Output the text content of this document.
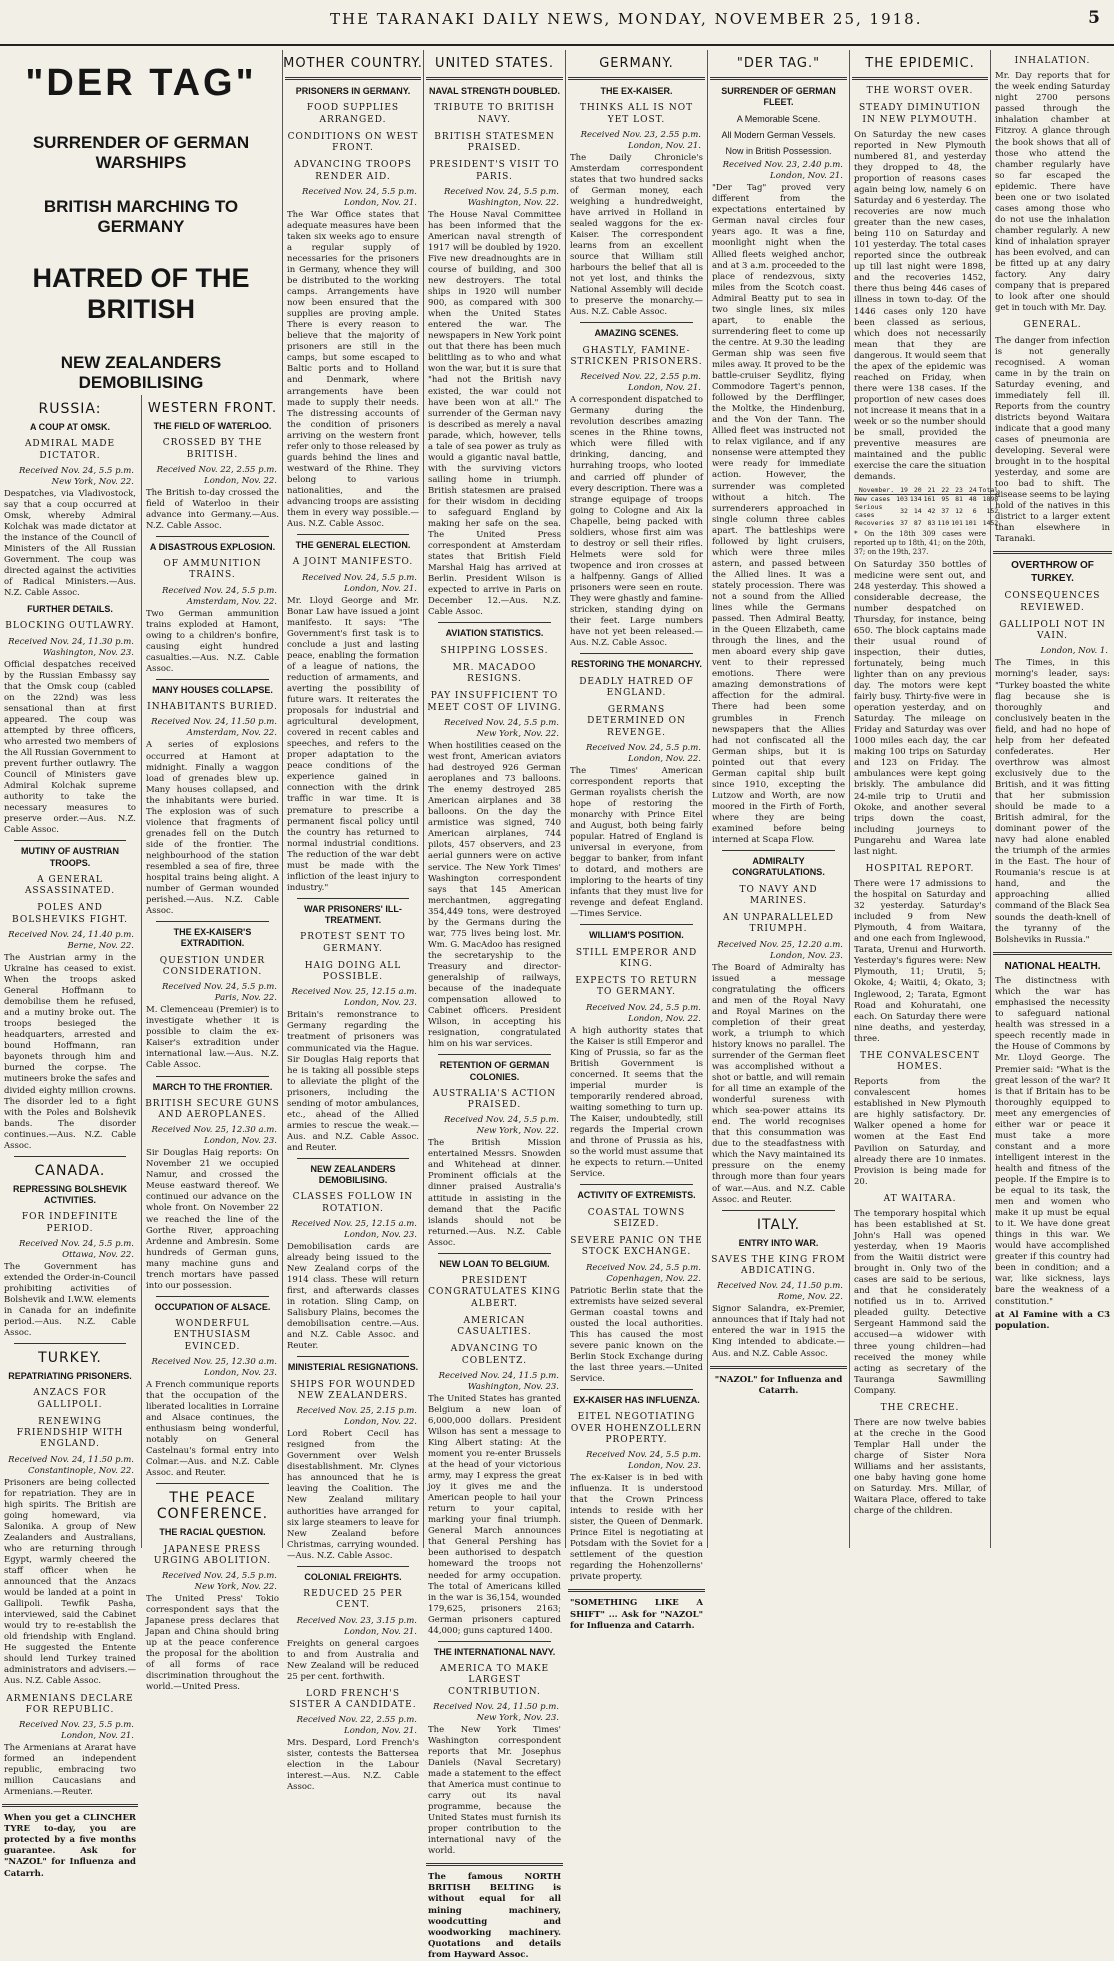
THE TARANAKI DAILY NEWS, MONDAY, NOVEMBER 25, 1918.	5

"DER TAG"

SURRENDER OF GERMAN WARSHIPS

BRITISH MARCHING TO GERMANY

HATRED OF THE BRITISH

NEW ZEALANDERS DEMOBILISING

RUSSIA:
A COUP AT OMSK.
ADMIRAL MADE DICTATOR.
Received Nov. 24, 5.5 p.m.
New York, Nov. 22.

Despatches, via Vladivostock, say that a coup occurred at Omsk, whereby Admiral Kolchak was made dictator at the instance of the Council of Ministers of the All Russian Government. The coup was directed against the activities of Radical Ministers.—Aus. N.Z. Cable Assoc.

FURTHER DETAILS.
BLOCKING OUTLAWRY.
Received Nov. 24, 11.30 p.m.
Washington, Nov. 23.

Official despatches received by the Russian Embassy say that the Omsk coup (cabled on the 22nd) was less sensational than at first appeared. The coup was attempted by three officers, who arrested two members of the All Russian Government to prevent further outlawry. The Council of Ministers gave Admiral Kolchak supreme authority to take the necessary measures to preserve order.—Aus. N.Z. Cable Assoc.

MUTINY OF AUSTRIAN TROOPS.
A GENERAL ASSASSINATED.
POLES AND BOLSHEVIKS FIGHT.
Received Nov. 24, 11.40 p.m.
Berne, Nov. 22.

The Austrian army in the Ukraine has ceased to exist. When the troops asked General Hoffmann to demobilise them he refused, and a mutiny broke out. The troops besieged the headquarters, arrested and bound Hoffmann, ran bayonets through him and burned the corpse. The mutineers broke the safes and divided eighty million crowns. The disorder led to a fight with the Poles and Bolshevik bands. The disorder continues.—Aus. N.Z. Cable Assoc.

CANADA.
REPRESSING BOLSHEVIK ACTIVITIES.
FOR INDEFINITE PERIOD.
Received Nov. 24, 5.5 p.m.
Ottawa, Nov. 22.

The Government has extended the Order-in-Council prohibiting activities of Bolshevik and I.W.W. elements in Canada for an indefinite period.—Aus. N.Z. Cable Assoc.

TURKEY.
REPATRIATING PRISONERS.
ANZACS FOR GALLIPOLI.
RENEWING FRIENDSHIP WITH ENGLAND.
Received Nov. 24, 11.50 p.m.
Constantinople, Nov. 22.

Prisoners are being collected for repatriation. They are in high spirits. The British are going homeward, via Salonika. A group of New Zealanders and Australians, who are returning through Egypt, warmly cheered the staff officer when he announced that the Anzacs would be landed at a point in Gallipoli. Tewfik Pasha, interviewed, said the Cabinet would try to re-establish the old friendship with England. He suggested the Entente should lend Turkey trained administrators and advisers.—Aus. N.Z. Cable Assoc.

ARMENIANS DECLARE FOR REPUBLIC.
Received Nov. 23, 5.5 p.m.
London, Nov. 21.

The Armenians at Ararat have formed an independent republic, embracing two million Caucasians and Armenians.—Reuter.

When you get a CLINCHER TYRE to-day, you are protected by a five months guarantee. Ask for "NAZOL" for Influenza and Catarrh.

WESTERN FRONT.
THE FIELD OF WATERLOO.
CROSSED BY THE BRITISH.
Received Nov. 22, 2.55 p.m.
London, Nov. 22.

The British to-day crossed the field of Waterloo in their advance into Germany.—Aus. N.Z. Cable Assoc.

A DISASTROUS EXPLOSION.
OF AMMUNITION TRAINS.
Received Nov. 24, 5.5 p.m.
Amsterdam, Nov. 22.

Two German ammunition trains exploded at Hamont, owing to a children's bonfire, causing eight hundred casualties.—Aus. N.Z. Cable Assoc.

MANY HOUSES COLLAPSE.
INHABITANTS BURIED.
Received Nov. 24, 11.50 p.m.
Amsterdam, Nov. 22.

A series of explosions occurred at Hamont at midnight. Finally a waggon load of grenades blew up. Many houses collapsed, and the inhabitants were buried. The explosion was of such violence that fragments of grenades fell on the Dutch side of the frontier. The neighbourhood of the station resembled a sea of fire, three hospital trains being alight. A number of German wounded perished.—Aus. N.Z. Cable Assoc.

THE EX-KAISER'S EXTRADITION.
QUESTION UNDER CONSIDERATION.
Received Nov. 24, 5.5 p.m.
Paris, Nov. 22.

M. Clemenceau (Premier) is to investigate whether it is possible to claim the ex-Kaiser's extradition under international law.—Aus. N.Z. Cable Assoc.

MARCH TO THE FRONTIER.
BRITISH SECURE GUNS AND AEROPLANES.
Received Nov. 25, 12.30 a.m.
London, Nov. 23.

Sir Douglas Haig reports: On November 21 we occupied Namur, and crossed the Meuse eastward thereof. We continued our advance on the whole front. On November 22 we reached the line of the Gorthe River, approaching Ardenne and Ambresin. Some hundreds of German guns, many machine guns and trench mortars have passed into our possession.

OCCUPATION OF ALSACE.
WONDERFUL ENTHUSIASM EVINCED.
Received Nov. 25, 12.30 a.m.
London, Nov. 23.

A French communique reports that the occupation of the liberated localities in Lorraine and Alsace continues, the enthusiasm being wonderful, notably on General Castelnau's formal entry into Colmar.—Aus. and N.Z. Cable Assoc. and Reuter.

THE PEACE CONFERENCE.
THE RACIAL QUESTION.
JAPANESE PRESS URGING ABOLITION.
Received Nov. 24, 5.5 p.m.
New York, Nov. 22.

The United Press' Tokio correspondent says that the Japanese press declares that Japan and China should bring up at the peace conference the proposal for the abolition of all forms of race discrimination throughout the world.—United Press.

MOTHER COUNTRY.
PRISONERS IN GERMANY.
FOOD SUPPLIES ARRANGED.
CONDITIONS ON WEST FRONT.
ADVANCING TROOPS RENDER AID.
Received Nov. 24, 5.5 p.m.
London, Nov. 21.

The War Office states that adequate measures have been taken six weeks ago to ensure a regular supply of necessaries for the prisoners in Germany, whence they will be distributed to the working camps. Arrangements have now been ensured that the supplies are proving ample. There is every reason to believe that the majority of prisoners are still in the camps, but some escaped to Baltic ports and to Holland and Denmark, where arrangements have been made to supply their needs. The distressing accounts of the condition of prisoners arriving on the western front refer only to those released by guards behind the lines and westward of the Rhine. They belong to various nationalities, and the advancing troops are assisting them in every way possible.—Aus. N.Z. Cable Assoc.

THE GENERAL ELECTION.
A JOINT MANIFESTO.
Received Nov. 24, 5.5 p.m.
London, Nov. 21.

Mr. Lloyd George and Mr. Bonar Law have issued a joint manifesto. It says: "The Government's first task is to conclude a just and lasting peace, enabling the formation of a league of nations, the reduction of armaments, and averting the possibility of future wars. It reiterates the proposals for industrial and agricultural development, covered in recent cables and speeches, and refers to the proper adaptation to the peace conditions of the experience gained in connection with the drink traffic in war time. It is premature to prescribe a permanent fiscal policy until the country has returned to normal industrial conditions. The reduction of the war debt must be made with the infliction of the least injury to industry."

WAR PRISONERS' ILL-TREATMENT.
PROTEST SENT TO GERMANY.
HAIG DOING ALL POSSIBLE.
Received Nov. 25, 12.15 a.m.
London, Nov. 23.

Britain's remonstrance to Germany regarding the treatment of prisoners was communicated via the Hague. Sir Douglas Haig reports that he is taking all possible steps to alleviate the plight of the prisoners, including the sending of motor ambulances, etc., ahead of the Allied armies to rescue the weak.—Aus. and N.Z. Cable Assoc. and Reuter.

NEW ZEALANDERS DEMOBILISING.
CLASSES FOLLOW IN ROTATION.
Received Nov. 25, 12.15 a.m.
London, Nov. 23.

Demobilisation cards are already being issued to the New Zealand corps of the 1914 class. These will return first, and afterwards classes in rotation. Sling Camp, on Salisbury Plains, becomes the demobilisation centre.—Aus. and N.Z. Cable Assoc. and Reuter.

MINISTERIAL RESIGNATIONS.
SHIPS FOR WOUNDED NEW ZEALANDERS.
Received Nov. 25, 2.15 p.m.
London, Nov. 22.

Lord Robert Cecil has resigned from the Government over Welsh disestablishment. Mr. Clynes has announced that he is leaving the Coalition. The New Zealand military authorities have arranged for six large steamers to leave for New Zealand before Christmas, carrying wounded.—Aus. N.Z. Cable Assoc.

COLONIAL FREIGHTS.
REDUCED 25 PER CENT.
Received Nov. 23, 3.15 p.m.
London, Nov. 21.

Freights on general cargoes to and from Australia and New Zealand will be reduced 25 per cent. forthwith.

LORD FRENCH'S SISTER A CANDIDATE.
Received Nov. 22, 2.55 p.m.
London, Nov. 21.

Mrs. Despard, Lord French's sister, contests the Battersea election in the Labour interest.—Aus. N.Z. Cable Assoc.

UNITED STATES.
NAVAL STRENGTH DOUBLED.
TRIBUTE TO BRITISH NAVY.
BRITISH STATESMEN PRAISED.
PRESIDENT'S VISIT TO PARIS.
Received Nov. 24, 5.5 p.m.
Washington, Nov. 22.

The House Naval Committee has been informed that the American naval strength of 1917 will be doubled by 1920. Five new dreadnoughts are in course of building, and 300 new destroyers. The total ships in 1920 will number 900, as compared with 300 when the United States entered the war. The newspapers in New York point out that there has been much belittling as to who and what won the war, but it is sure that "had not the British navy existed, the war could not have been won at all." The surrender of the German navy is described as merely a naval parade, which, however, tells a tale of sea power as truly as would a gigantic naval battle, with the surviving victors sailing home in triumph. British statesmen are praised for their wisdom in deciding to safeguard England by making her safe on the sea. The United Press correspondent at Amsterdam states that British Field Marshal Haig has arrived at Berlin. President Wilson is expected to arrive in Paris on December 12.—Aus. N.Z. Cable Assoc.

AVIATION STATISTICS.
SHIPPING LOSSES.
MR. MACADOO RESIGNS.
PAY INSUFFICIENT TO MEET COST OF LIVING.
Received Nov. 24, 5.5 p.m.
New York, Nov. 22.

When hostilities ceased on the west front, American aviators had destroyed 926 German aeroplanes and 73 balloons. The enemy destroyed 285 American airplanes and 38 balloons. On the day the armistice was signed, 740 American airplanes, 744 pilots, 457 observers, and 23 aerial gunners were on active service. The New York Times' Washington correspondent says that 145 American merchantmen, aggregating 354,449 tons, were destroyed by the Germans during the war, 775 lives being lost. Mr. Wm. G. MacAdoo has resigned the secretaryship to the Treasury and director-generalship of railways, because of the inadequate compensation allowed to Cabinet officers. President Wilson, in accepting his resignation, congratulated him on his war services.

RETENTION OF GERMAN COLONIES.
AUSTRALIA'S ACTION PRAISED.
Received Nov. 24, 5.5 p.m.
New York, Nov. 22.

The British Mission entertained Messrs. Snowden and Whitehead at dinner. Prominent officials at the dinner praised Australia's attitude in assisting in the demand that the Pacific islands should not be returned.—Aus. N.Z. Cable Assoc.

NEW LOAN TO BELGIUM.
PRESIDENT CONGRATULATES KING ALBERT.
AMERICAN CASUALTIES.
ADVANCING TO COBLENTZ.
Received Nov. 24, 11.5 p.m.
Washington, Nov. 23.

The United States has granted Belgium a new loan of 6,000,000 dollars. President Wilson has sent a message to King Albert stating: At the moment you re-enter Brussels at the head of your victorious army, may I express the great joy it gives me and the American people to hail your return to your capital, marking your final triumph. General March announces that General Pershing has been authorised to despatch homeward the troops not needed for army occupation. The total of Americans killed in the war is 36,154, wounded 179,625, prisoners 2163; German prisoners captured 44,000; guns captured 1400.

THE INTERNATIONAL NAVY.
AMERICA TO MAKE LARGEST CONTRIBUTION.
Received Nov. 24, 11.50 p.m.
New York, Nov. 23.

The New York Times' Washington correspondent reports that Mr. Josephus Daniels (Naval Secretary) made a statement to the effect that America must continue to carry out its naval programme, because the United States must furnish its proper contribution to the international navy of the world.

The famous NORTH BRITISH BELTING is without equal for all mining machinery, woodcutting and woodworking machinery. Quotations and details from Hayward Assoc.

GERMANY.
THE EX-KAISER.
THINKS ALL IS NOT YET LOST.
Received Nov. 23, 2.55 p.m.
London, Nov. 21.

The Daily Chronicle's Amsterdam correspondent states that two hundred sacks of German money, each weighing a hundredweight, have arrived in Holland in sealed waggons for the ex-Kaiser. The correspondent learns from an excellent source that William still harbours the belief that all is not yet lost, and thinks the National Assembly will decide to preserve the monarchy.—Aus. N.Z. Cable Assoc.

AMAZING SCENES.
GHASTLY, FAMINE-STRICKEN PRISONERS.
Received Nov. 22, 2.55 p.m.
London, Nov. 21.

A correspondent dispatched to Germany during the revolution describes amazing scenes in the Rhine towns, which were filled with drinking, dancing, and hurrahing troops, who looted and carried off plunder of every description. There was a strange equipage of troops going to Cologne and Aix la Chapelle, being packed with soldiers, whose first aim was to destroy or sell their rifles. Helmets were sold for twopence and iron crosses at a halfpenny. Gangs of Allied prisoners were seen en route. They were ghastly and famine-stricken, standing dying on their feet. Large numbers have not yet been released.—Aus. N.Z. Cable Assoc.

RESTORING THE MONARCHY.
DEADLY HATRED OF ENGLAND.
GERMANS DETERMINED ON REVENGE.
Received Nov. 24, 5.5 p.m.
London, Nov. 22.

The Times' American correspondent reports that German royalists cherish the hope of restoring the monarchy with Prince Eitel and August, both being fairly popular. Hatred of England is universal in everyone, from beggar to banker, from infant to dotard, and mothers are imploring to the hearts of tiny infants that they must live for revenge and defeat England.—Times Service.

WILLIAM'S POSITION.
STILL EMPEROR AND KING.
EXPECTS TO RETURN TO GERMANY.
Received Nov. 24, 5.5 p.m.
London, Nov. 22.

A high authority states that the Kaiser is still Emperor and King of Prussia, so far as the British Government is concerned. It seems that the imperial murder is temporarily rendered abroad, waiting something to turn up. The Kaiser, undoubtedly, still regards the Imperial crown and throne of Prussia as his, so the world must assume that he expects to return.—United Service.

ACTIVITY OF EXTREMISTS.
COASTAL TOWNS SEIZED.
SEVERE PANIC ON THE STOCK EXCHANGE.
Received Nov. 24, 5.5 p.m.
Copenhagen, Nov. 22.

Patriotic Berlin state that the extremists have seized several German coastal towns and ousted the local authorities. This has caused the most severe panic known on the Berlin Stock Exchange during the last three years.—United Service.

EX-KAISER HAS INFLUENZA.
EITEL NEGOTIATING OVER HOHENZOLLERN PROPERTY.
Received Nov. 24, 5.5 p.m.
London, Nov. 23.

The ex-Kaiser is in bed with influenza. It is understood that the Crown Princess intends to reside with her sister, the Queen of Denmark. Prince Eitel is negotiating at Potsdam with the Soviet for a settlement of the question regarding the Hohenzollerns' private property.

"SOMETHING LIKE A SHIFT" ... Ask for "NAZOL" for Influenza and Catarrh.

"DER TAG."
SURRENDER OF GERMAN FLEET.
A Memorable Scene.
All Modern German Vessels.
Now in British Possession.
Received Nov. 23, 2.40 p.m.
London, Nov. 21.

"Der Tag" proved very different from the expectations entertained by German naval circles four years ago. It was a fine, moonlight night when the Allied fleets weighed anchor, and at 3 a.m. proceeded to the place of rendezvous, sixty miles from the Scotch coast. Admiral Beatty put to sea in two single lines, six miles apart, to enable the surrendering fleet to come up the centre. At 9.30 the leading German ship was seen five miles away. It proved to be the battle-cruiser Seydlitz, flying Commodore Tagert's pennon, followed by the Derfflinger, the Moltke, the Hindenburg, and the Von der Tann. The Allied fleet was instructed not to relax vigilance, and if any nonsense were attempted they were ready for immediate action. However, the surrender was completed without a hitch. The surrenderers approached in single column three cables apart. The battleships were followed by light cruisers, which were three miles astern, and passed between the Allied lines. It was a stately procession. There was not a sound from the Allied lines while the Germans passed. Then Admiral Beatty, in the Queen Elizabeth, came through the lines, and the men aboard every ship gave vent to their repressed emotions. There were amazing demonstrations of affection for the admiral. There had been some grumbles in French newspapers that the Allies had not confiscated all the German ships, but it is pointed out that every German capital ship built since 1910, excepting the Lutzow and Worth, are now moored in the Firth of Forth, where they are being examined before being interned at Scapa Flow.

ADMIRALTY CONGRATULATIONS.
TO NAVY AND MARINES.
AN UNPARALLELED TRIUMPH.
Received Nov. 25, 12.20 a.m.
London, Nov. 23.

The Board of Admiralty has issued a message congratulating the officers and men of the Royal Navy and Royal Marines on the completion of their great work, a triumph to which history knows no parallel. The surrender of the German fleet was accomplished without a shot or battle, and will remain for all time an example of the wonderful sureness with which sea-power attains its end. The world recognises that this consummation was due to the steadfastness with which the Navy maintained its pressure on the enemy through more than four years of war.—Aus. and N.Z. Cable Assoc. and Reuter.

ITALY.
ENTRY INTO WAR.
SAVES THE KING FROM ABDICATING.
Received Nov. 24, 11.50 p.m.
Rome, Nov. 22.

Signor Salandra, ex-Premier, announces that if Italy had not entered the war in 1915 the King intended to abdicate.—Aus. and N.Z. Cable Assoc.

"NAZOL" for Influenza and Catarrh.

THE EPIDEMIC.
THE WORST OVER.
STEADY DIMINUTION IN NEW PLYMOUTH.

On Saturday the new cases reported in New Plymouth numbered 81, and yesterday they dropped to 48, the proportion of reasons cases again being low, namely 6 on Saturday and 6 yesterday. The recoveries are now much greater than the new cases, being 110 on Saturday and 101 yesterday. The total cases reported since the outbreak up till last night were 1898, and the recoveries 1452, there thus being 446 cases of illness in town to-day. Of the 1446 cases only 120 have been classed as serious, which does not necessarily mean that they are dangerous. It would seem that the apex of the epidemic was reached on Friday, when there were 138 cases. If the proportion of new cases does not increase it means that in a week or so the number should be small, provided the preventive measures are maintained and the public exercise the care the situation demands.

November.	19	20	21	22	23	24	Total
New cases	103	134	161	95	81	48	1898
Serious cases	32	14	42	37	12	6	152
Recoveries	37	87	83	110	101	101	1452

* On the 18th 309 cases were reported up to 18th, 41; on the 20th, 37; on the 19th, 237.

On Saturday 350 bottles of medicine were sent out, and 248 yesterday. This showed a considerable decrease, the number despatched on Thursday, for instance, being 650. The block captains made their usual round of inspection, their duties, fortunately, being much lighter than on any previous day. The motors were kept fairly busy. Thirty-five were in operation yesterday, and on Saturday. The mileage on Friday and Saturday was over 1000 miles each day, the car making 100 trips on Saturday and 123 on Friday. The ambulances were kept going briskly. The ambulance did 24-mile trip to Urutii and Okoke, and another several trips down the coast, including journeys to Pungarehu and Warea late last night.

HOSPITAL REPORT.

There were 17 admissions to the hospital on Saturday and 32 yesterday. Saturday's included 9 from New Plymouth, 4 from Waitara, and one each from Inglewood, Tarata, Urenui and Hurworth. Yesterday's figures were: New Plymouth, 11; Urutii, 5; Okoke, 4; Waitii, 4; Okato, 3; Inglewood, 2; Tarata, Egmont Road and Kohuratahi, one each. On Saturday there were nine deaths, and yesterday, three.

THE CONVALESCENT HOMES.

Reports from the convalescent homes established in New Plymouth are highly satisfactory. Dr. Walker opened a home for women at the East End Pavilion on Saturday, and already there are 10 inmates. Provision is being made for 20.

AT WAITARA.

The temporary hospital which has been established at St. John's Hall was opened yesterday, when 19 Maoris from the Waitii district were brought in. Only two of the cases are said to be serious, and that he considerately notified us in to. Arrived pleaded guilty. Detective Sergeant Hammond said the accused—a widower with three young children—had received the money while acting as secretary of the Tauranga Sawmilling Company.

THE CRECHE.

There are now twelve babies at the creche in the Good Templar Hall under the charge of Sister Nora Williams and her assistants, one baby having gone home on Saturday. Mrs. Millar, of Waitara Place, offered to take charge of the children.

INHALATION.

Mr. Day reports that for the week ending Saturday night 2700 persons passed through the inhalation chamber at Fitzroy. A glance through the book shows that all of those who attend the chamber regularly have so far escaped the epidemic. There have been one or two isolated cases among those who do not use the inhalation chamber regularly. A new kind of inhalation sprayer has been evolved, and can be fitted up at any dairy factory. Any dairy company that is prepared to look after one should get in touch with Mr. Day.

GENERAL.

The danger from infection is not generally recognised. A woman came in by the train on Saturday evening, and immediately fell ill. Reports from the country districts beyond Waitara indicate that a good many cases of pneumonia are developing. Several were brought in to the hospital yesterday, and some are too bad to shift. The disease seems to be laying hold of the natives in this district to a larger extent than elsewhere in Taranaki.

OVERTHROW OF TURKEY.
CONSEQUENCES REVIEWED.
GALLIPOLI NOT IN VAIN.
London, Nov. 1.

The Times, in this morning's leader, says: "Turkey boasted the white flag because she is thoroughly and conclusively beaten in the field, and had no hope of help from her defeated confederates. Her overthrow was almost exclusively due to the British, and it was fitting that her submission should be made to a British admiral, for the dominant power of the navy had alone enabled the triumph of the armies in the East. The hour of Roumania's rescue is at hand, and the approaching allied command of the Black Sea sounds the death-knell of the tyranny of the Bolsheviks in Russia."

NATIONAL HEALTH.

The distinctness with which the war has emphasised the necessity to safeguard national health was stressed in a speech recently made in the House of Commons by Mr. Lloyd George. The Premier said: "What is the great lesson of the war? It is that if Britain has to be thoroughly equipped to meet any emergencies of either war or peace it must take a more constant and a more intelligent interest in the health and fitness of the people. If the Empire is to be equal to its task, the men and women who make it up must be equal to it. We have done great things in this war. We would have accomplished greater if this country had been in condition; and a war, like sickness, lays bare the weakness of a constitution."

at Al Famine with a C3 population.
